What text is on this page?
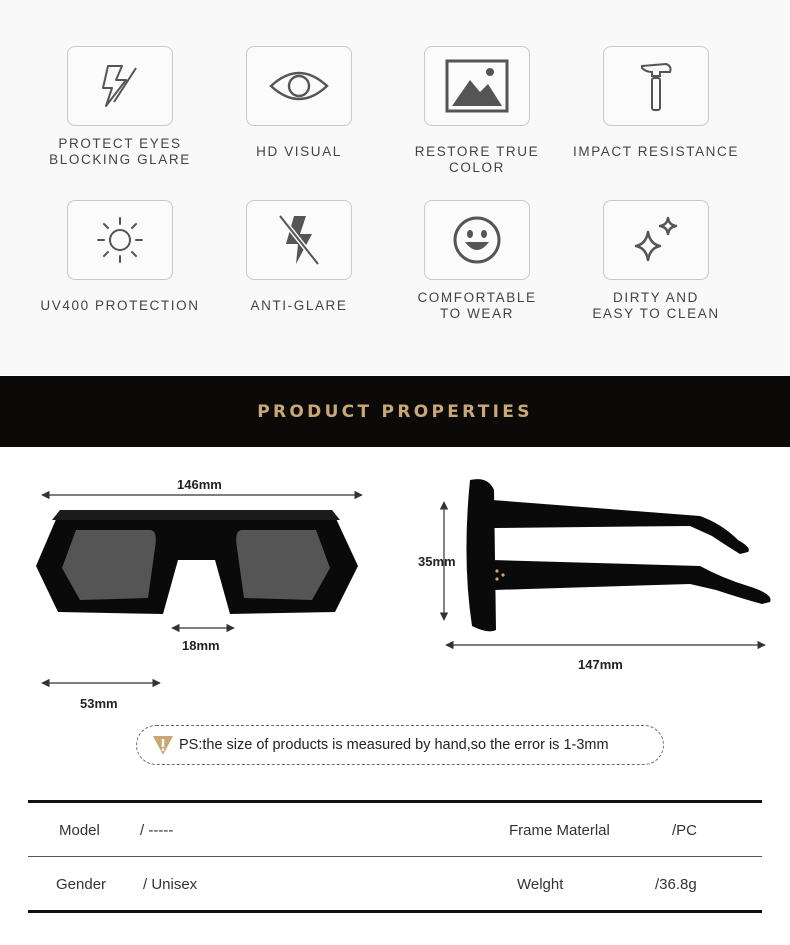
PROTECT EYES
BLOCKING GLARE
HD VISUAL	RESTORE TRUE COLOR
IMPACT RESISTANCE
UV400 PROTECTION	ANTI-GLARE
COMFORTABLE
TO WEAR
DIRTY AND
EASY TO CLEAN
PRODUCT PROPERTIES
146mm
18mm
53mm
35mm
147mm
PS:the size of products is measured by hand,so the error is 1-3mm
Model	/ -----	Frame Materlal	/PC
Gender / Unisex	Welght	/36.8g
